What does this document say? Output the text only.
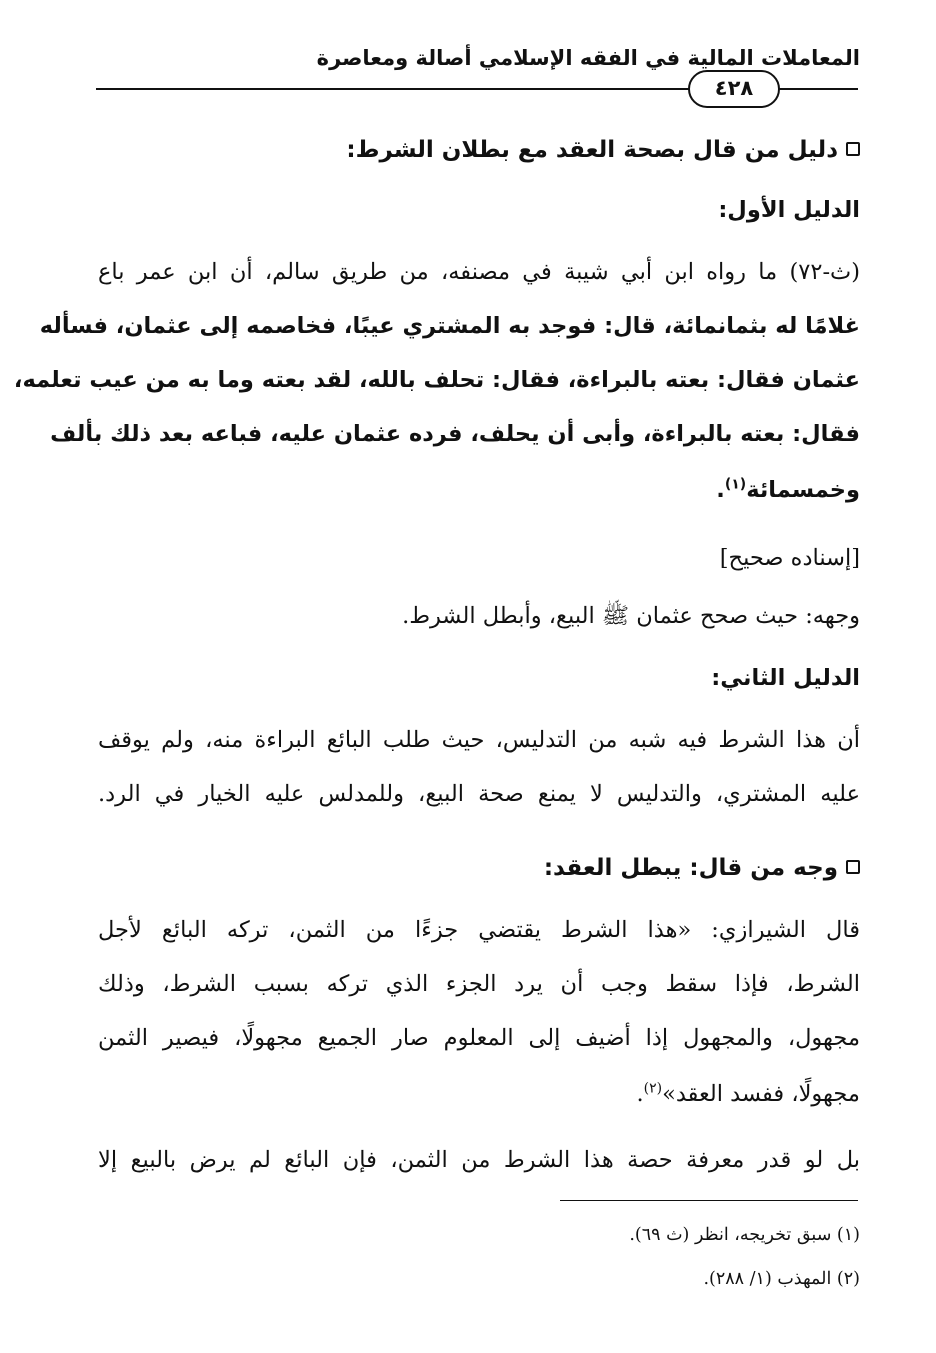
المعاملات المالية في الفقه الإسلامي أصالة ومعاصرة
٤٢٨
دليل من قال بصحة العقد مع بطلان الشرط:
الدليل الأول:
(ث-٧٢) ما رواه ابن أبي شيبة في مصنفه، من طريق سالم، أن ابن عمر باع
غلامًا له بثمانمائة، قال: فوجد به المشتري عيبًا، فخاصمه إلى عثمان، فسأله
عثمان فقال: بعته بالبراءة، فقال: تحلف بالله، لقد بعته وما به من عيب تعلمه،
فقال: بعته بالبراءة، وأبى أن يحلف، فرده عثمان عليه، فباعه بعد ذلك بألف
وخمسمائة$^{(١)}$.
[إسناده صحيح]
وجهه: حيث صحح عثمان ﷺ البيع، وأبطل الشرط.
الدليل الثاني:
أن هذا الشرط فيه شبه من التدليس، حيث طلب البائع البراءة منه، ولم يوقف
عليه المشتري، والتدليس لا يمنع صحة البيع، وللمدلس عليه الخيار في الرد.
وجه من قال: يبطل العقد:
قال الشيرازي: «هذا الشرط يقتضي جزءًا من الثمن، تركه البائع لأجل
الشرط، فإذا سقط وجب أن يرد الجزء الذي تركه بسبب الشرط، وذلك
مجهول، والمجهول إذا أضيف إلى المعلوم صار الجميع مجهولًا، فيصير الثمن
مجهولًا، ففسد العقد»$^{(٢)}$.
بل لو قدر معرفة حصة هذا الشرط من الثمن، فإن البائع لم يرض بالبيع إلا
(١) سبق تخريجه، انظر (ث ٦٩).
(٢) المهذب (١/ ٢٨٨).
